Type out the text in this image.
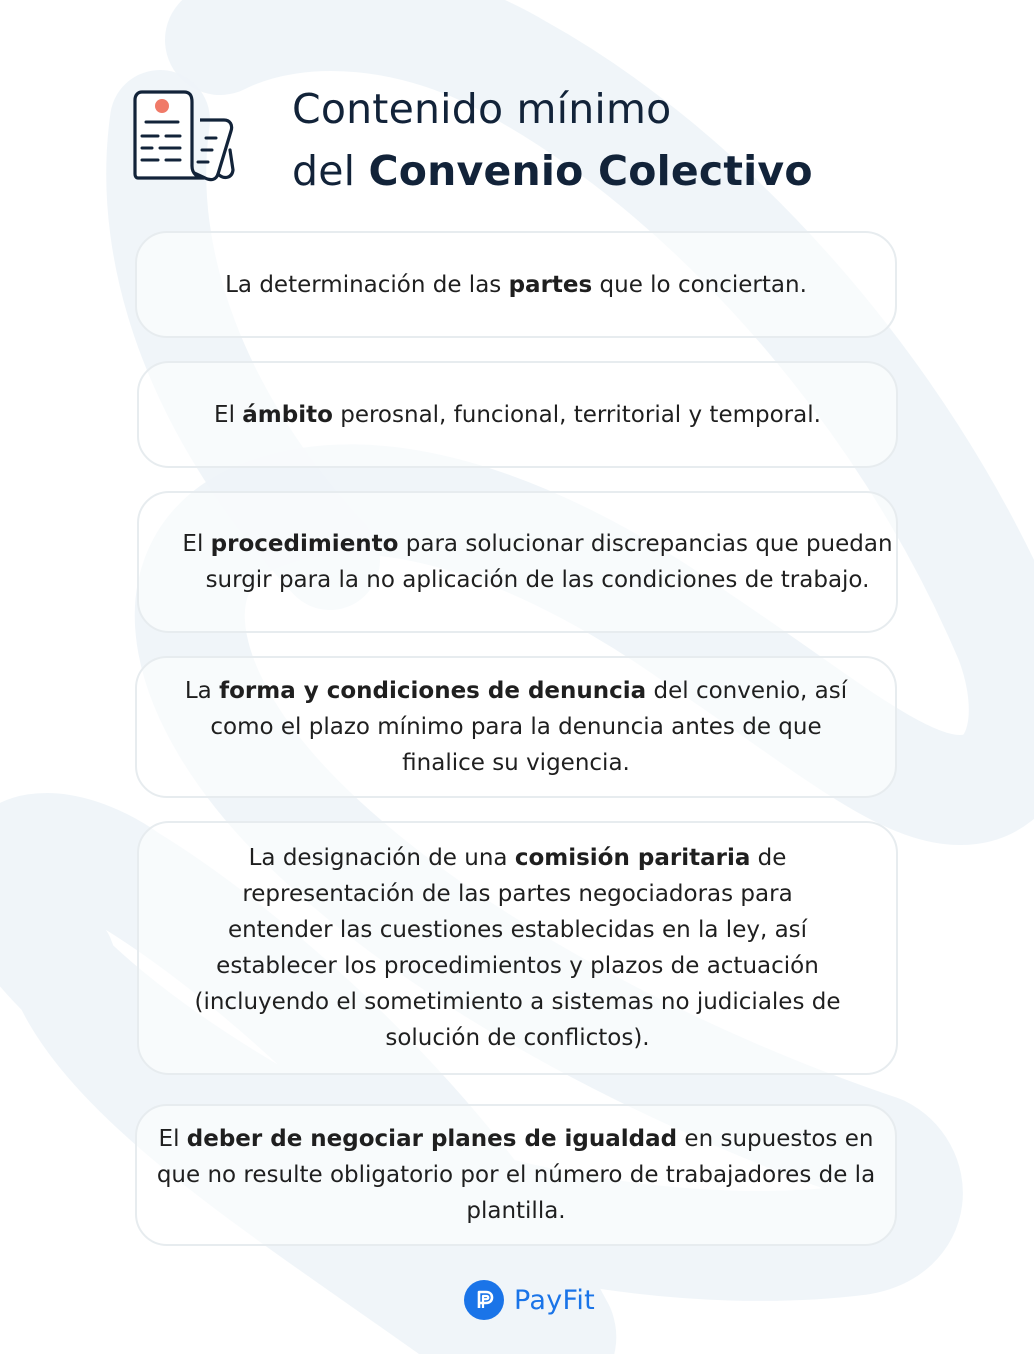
Contenido mínimo
del Convenio Colectivo

La determinación de las partes que lo conciertan.

El ámbito perosnal, funcional, territorial y temporal.

El procedimiento para solucionar discrepancias que puedan surgir para la no aplicación de las condiciones de trabajo.

La forma y condiciones de denuncia del convenio, así como el plazo mínimo para la denuncia antes de que finalice su vigencia.

La designación de una comisión paritaria de representación de las partes negociadoras para entender las cuestiones establecidas en la ley, así establecer los procedimientos y plazos de actuación (incluyendo el sometimiento a sistemas no judiciales de solución de conflictos).

El deber de negociar planes de igualdad en supuestos en que no resulte obligatorio por el número de trabajadores de la plantilla.

PayFit
